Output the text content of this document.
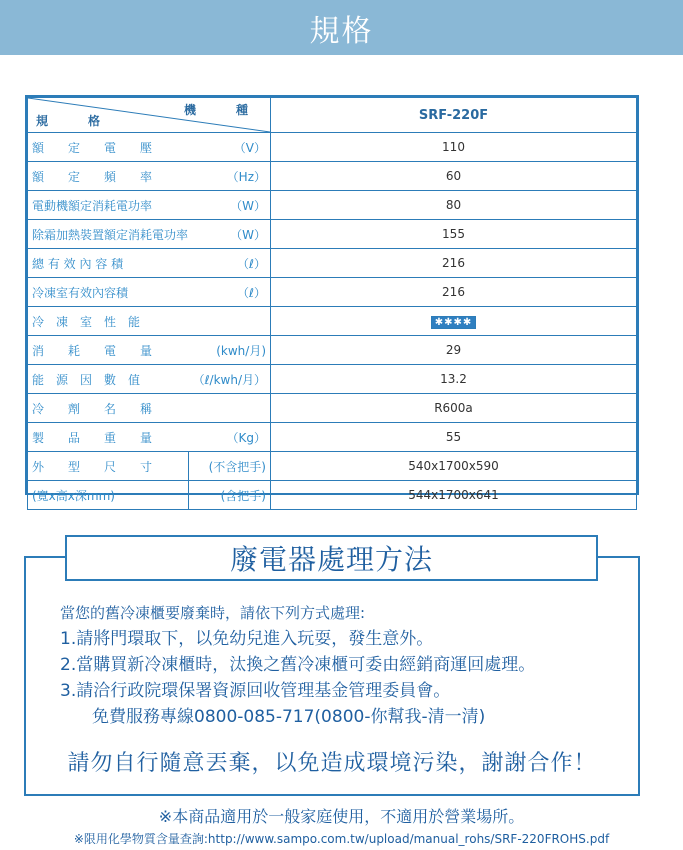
規格
機　種
規　格		SRF-220F

額　　定　　電　　壓 （V）		110

額　　定　　頻　　率 （Hz）		60

電動機額定消耗電功率 （W）		80

除霜加熱裝置額定消耗電功率 （W）		155

總 有 效 內 容 積 （ℓ）		216

冷凍室有效內容積 （ℓ）		216

冷　凍　室　性　能		✱✱✱✱

消　　耗　　電　　量 (kwh/月)		29

能　源　因　數　值 （ℓ/kwh/月）		13.2

冷　　劑　　名　　稱		R600a

製　　品　　重　　量 （Kg）		55
外　　型　　尺　　寸	(不含把手)	540x1700x590
(寬x高x深mm)	(含把手)	544x1700x641
廢電器處理方法
當您的舊冷凍櫃要廢棄時，請依下列方式處理:
1.請將門環取下，以免幼兒進入玩耍，發生意外。
2.當購買新冷凍櫃時，汰換之舊冷凍櫃可委由經銷商運回處理。
3.請洽行政院環保署資源回收管理基金管理委員會。
免費服務專線0800-085-717(0800-你幫我-清一清)
請勿自行隨意丟棄，以免造成環境污染，謝謝合作！
※本商品適用於一般家庭使用，不適用於營業場所。
※限用化學物質含量查詢:http://www.sampo.com.tw/upload/manual_rohs/SRF-220FROHS.pdf
